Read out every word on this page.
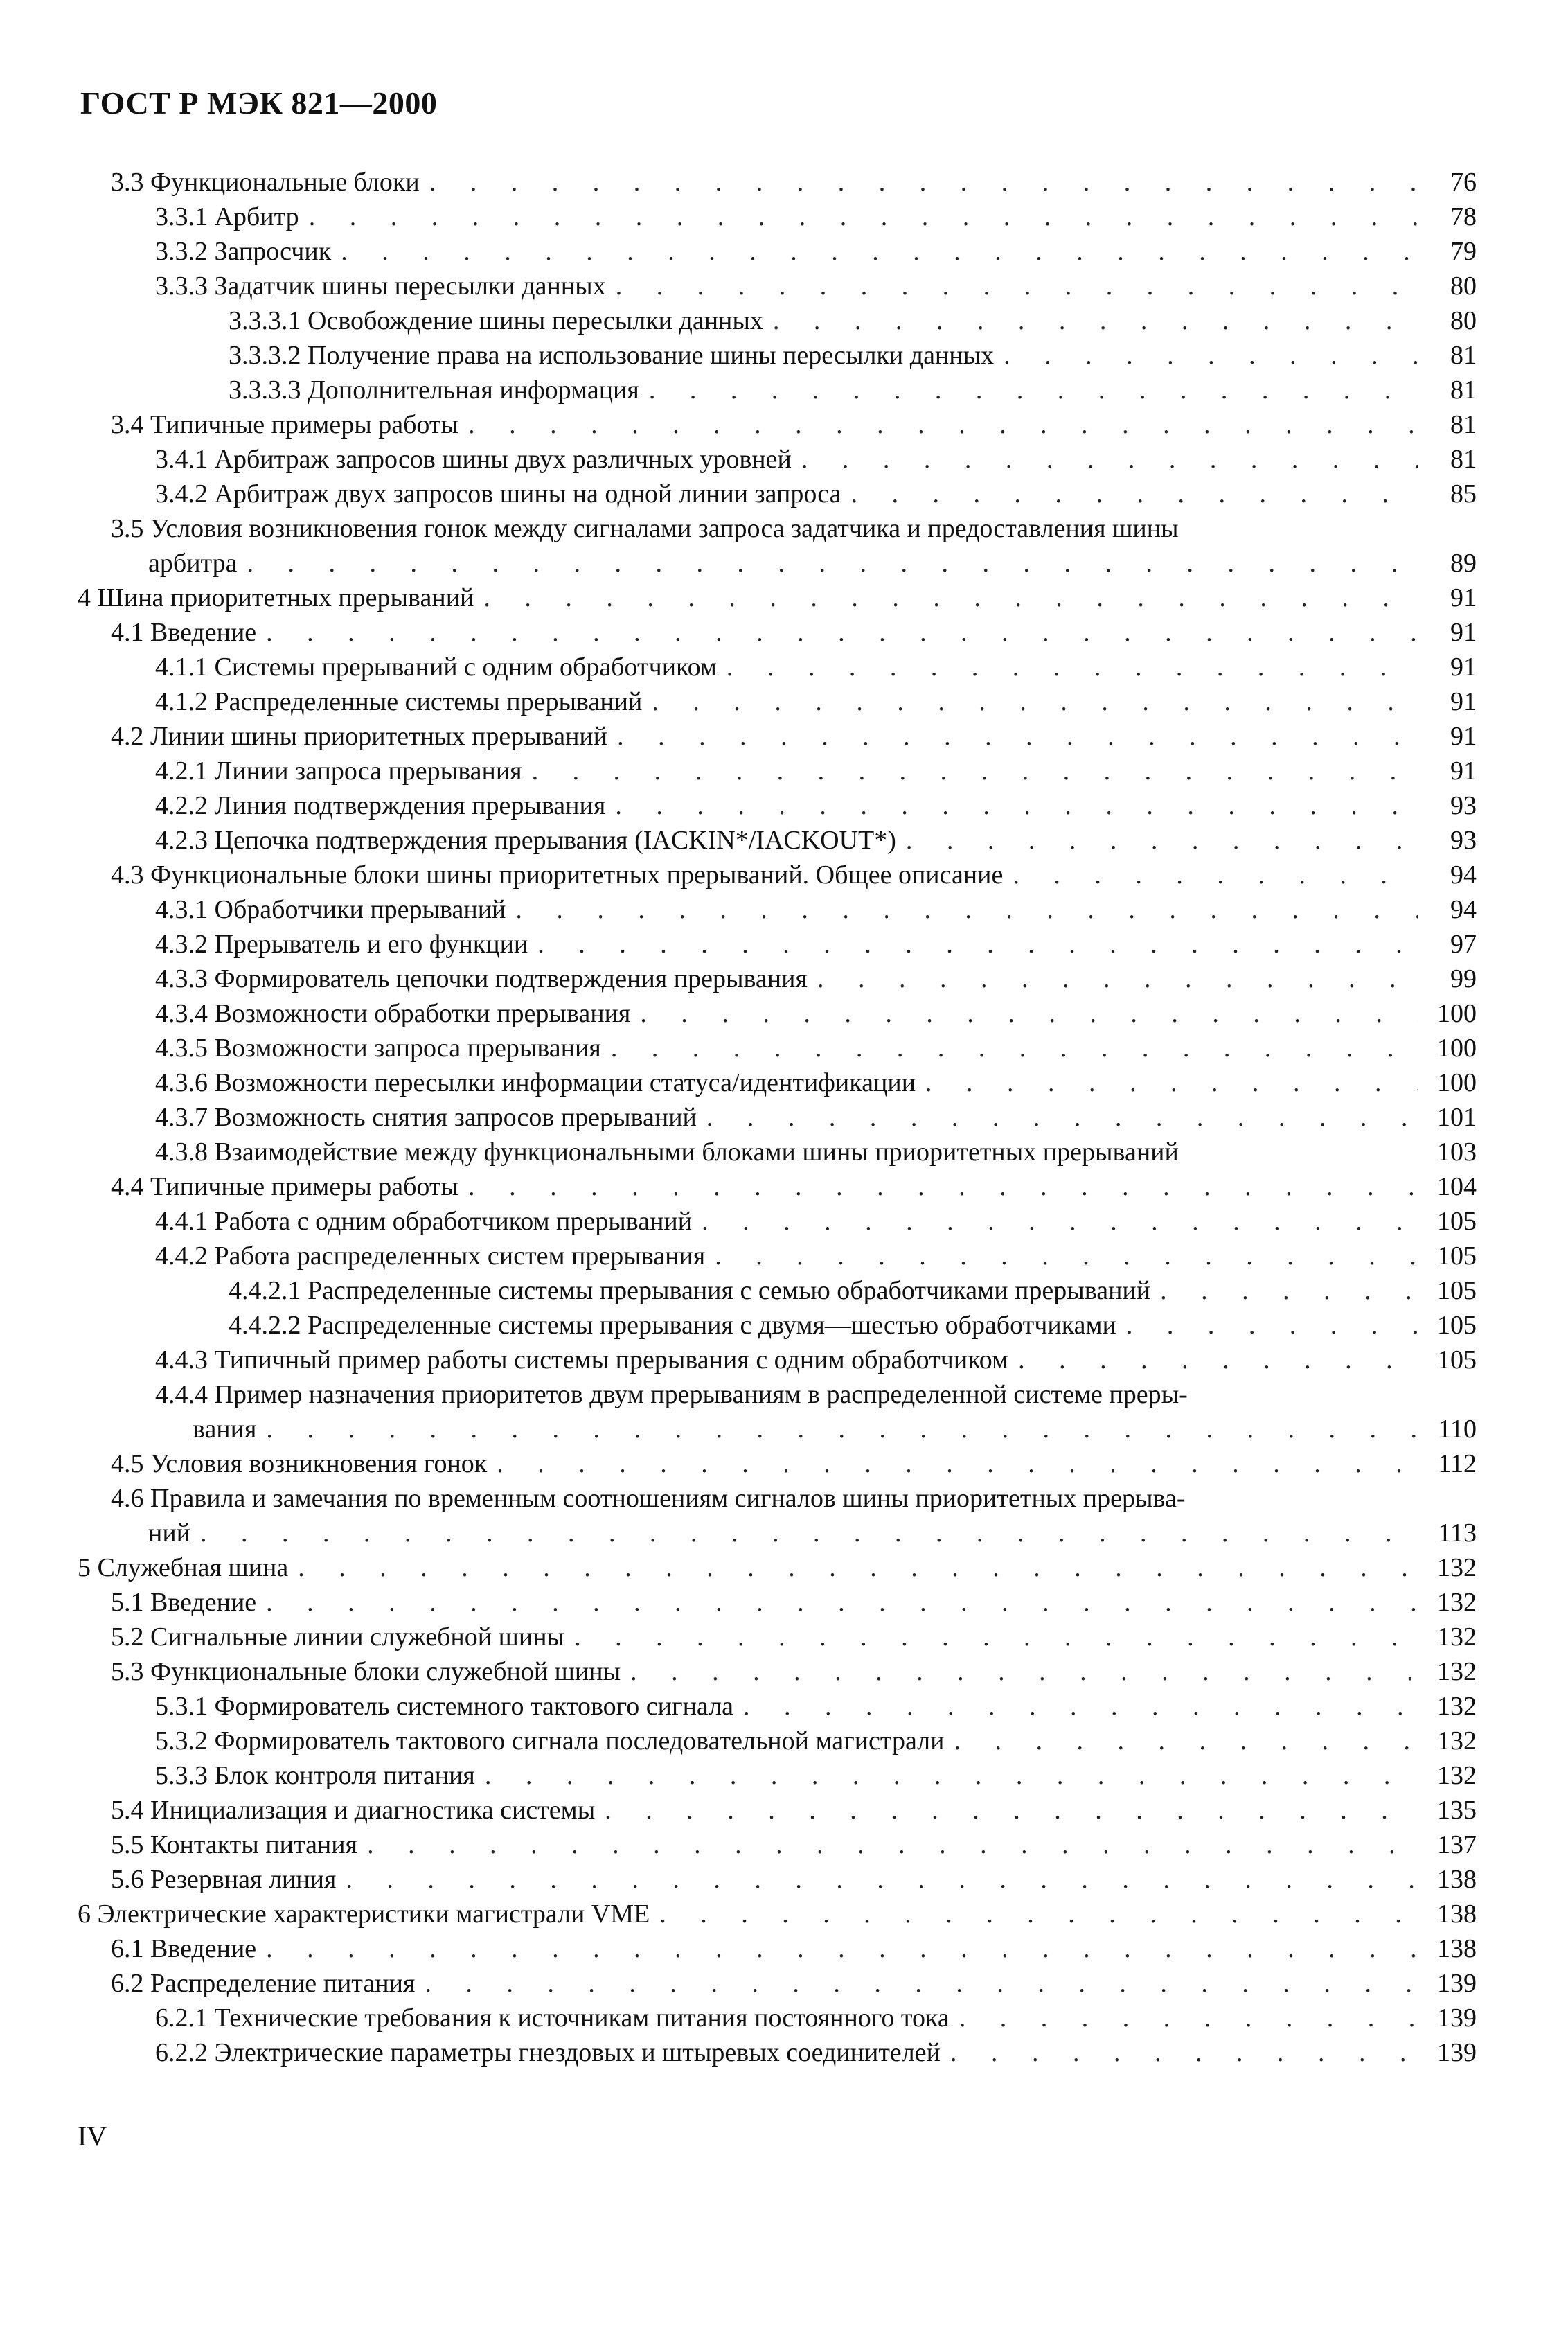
ГОСТ Р МЭК 821—2000
3.3 Функциональные блоки . . .	76
3.3.1 Арбитр . . .	78
3.3.2 Запросчик . . .	79
3.3.3 Задатчик шины пересылки данных . . .	80
3.3.3.1 Освобождение шины пересылки данных . . .	80
3.3.3.2 Получение права на использование шины пересылки данных . . .	81
3.3.3.3 Дополнительная информация . . .	81
3.4 Типичные примеры работы . . .	81
3.4.1 Арбитраж запросов шины двух различных уровней . . .	81
3.4.2 Арбитраж двух запросов шины на одной линии запроса . . .	85
3.5 Условия возникновения гонок между сигналами запроса задатчика и предоставления шины
арбитра . . .	89
4 Шина приоритетных прерываний . . .	91
4.1 Введение . . .	91
4.1.1 Системы прерываний с одним обработчиком . . .	91
4.1.2 Распределенные системы прерываний . . .	91
4.2 Линии шины приоритетных прерываний . . .	91
4.2.1 Линии запроса прерывания . . .	91
4.2.2 Линия подтверждения прерывания . . .	93
4.2.3 Цепочка подтверждения прерывания (IACKIN*/IACKOUT*) . . .	93
4.3 Функциональные блоки шины приоритетных прерываний. Общее описание . . .	94
4.3.1 Обработчики прерываний . . .	94
4.3.2 Прерыватель и его функции . . .	97
4.3.3 Формирователь цепочки подтверждения прерывания . . .	99
4.3.4 Возможности обработки прерывания . . .	100
4.3.5 Возможности запроса прерывания . . .	100
4.3.6 Возможности пересылки информации статуса/идентификации . . .	100
4.3.7 Возможность снятия запросов прерываний . . .	101
4.3.8 Взаимодействие между функциональными блоками шины приоритетных прерываний	103
4.4 Типичные примеры работы . . .	104
4.4.1 Работа с одним обработчиком прерываний . . .	105
4.4.2 Работа распределенных систем прерывания . . .	105
4.4.2.1 Распределенные системы прерывания с семью обработчиками прерываний . . .	105
4.4.2.2 Распределенные системы прерывания с двумя—шестью обработчиками . . .	105
4.4.3 Типичный пример работы системы прерывания с одним обработчиком . . .	105
4.4.4 Пример назначения приоритетов двум прерываниям в распределенной системе преры-
вания . . .	110
4.5 Условия возникновения гонок . . .	112
4.6 Правила и замечания по временным соотношениям сигналов шины приоритетных прерыва-
ний . . .	113
5 Служебная шина . . .	132
5.1 Введение . . .	132
5.2 Сигнальные линии служебной шины . . .	132
5.3 Функциональные блоки служебной шины . . .	132
5.3.1 Формирователь системного тактового сигнала . . .	132
5.3.2 Формирователь тактового сигнала последовательной магистрали . . .	132
5.3.3 Блок контроля питания . . .	132
5.4 Инициализация и диагностика системы . . .	135
5.5 Контакты питания . . .	137
5.6 Резервная линия . . .	138
6 Электрические характеристики магистрали VME . . .	138
6.1 Введение . . .	138
6.2 Распределение питания . . .	139
6.2.1 Технические требования к источникам питания постоянного тока . . .	139
6.2.2 Электрические параметры гнездовых и штыревых соединителей . . .	139
IV
